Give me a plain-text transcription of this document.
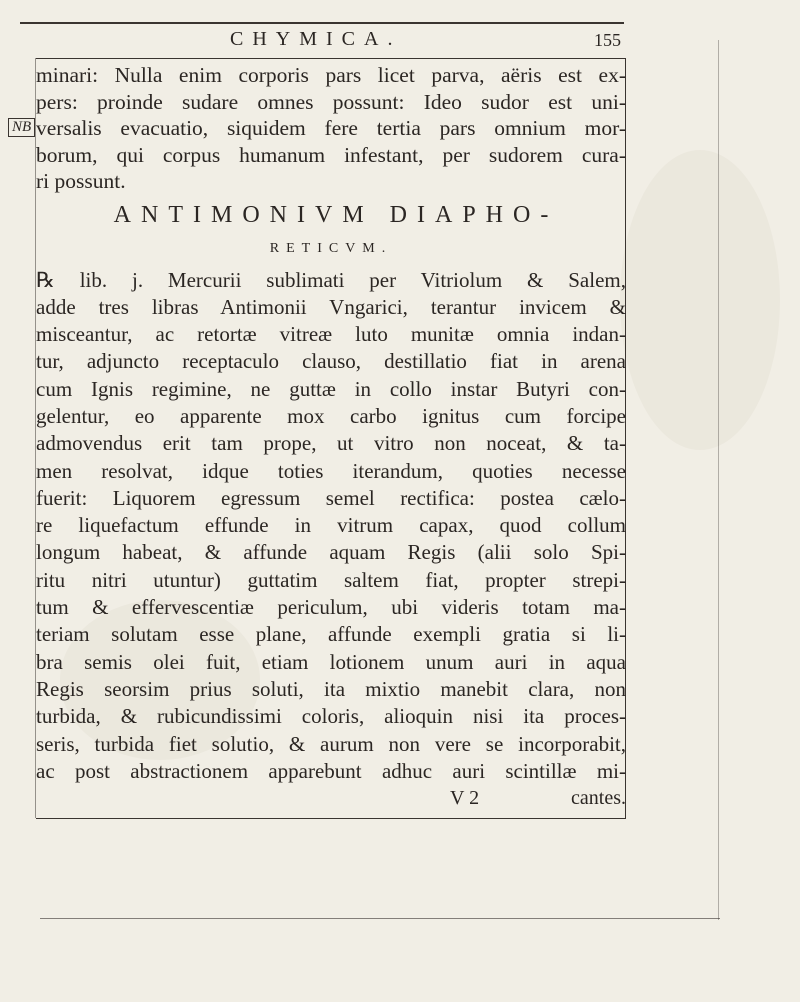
CHYMICA.	155
NB
minari: Nulla enim corporis pars licet parva, aëris est ex-
pers: proinde sudare omnes possunt: Ideo sudor est uni-
versalis evacuatio, siquidem fere tertia pars omnium mor-
borum, qui corpus humanum infestant, per sudorem cura-
ri possunt.
ANTIMONIVM DIAPHO-
RETICVM.
℞ lib. j. Mercurii sublimati per Vitriolum & Salem,
adde tres libras Antimonii Vngarici, terantur invicem &
misceantur, ac retortæ vitreæ luto munitæ omnia indan-
tur, adjuncto receptaculo clauso, destillatio fiat in arena
cum Ignis regimine, ne guttæ in collo instar Butyri con-
gelentur, eo apparente mox carbo ignitus cum forcipe
admovendus erit tam prope, ut vitro non noceat, & ta-
men resolvat, idque toties iterandum, quoties necesse
fuerit: Liquorem egressum semel rectifica: postea cælo-
re liquefactum effunde in vitrum capax, quod collum
longum habeat, & affunde aquam Regis (alii solo Spi-
ritu nitri utuntur) guttatim saltem fiat, propter strepi-
tum & effervescentiæ periculum, ubi videris totam ma-
teriam solutam esse plane, affunde exempli gratia si li-
bra semis olei fuit, etiam lotionem unum auri in aqua
Regis seorsim prius soluti, ita mixtio manebit clara, non
turbida, & rubicundissimi coloris, alioquin nisi ita proces-
seris, turbida fiet solutio, & aurum non vere se incorporabit,
ac post abstractionem apparebunt adhuc auri scintillæ mi-
V 2	cantes.
